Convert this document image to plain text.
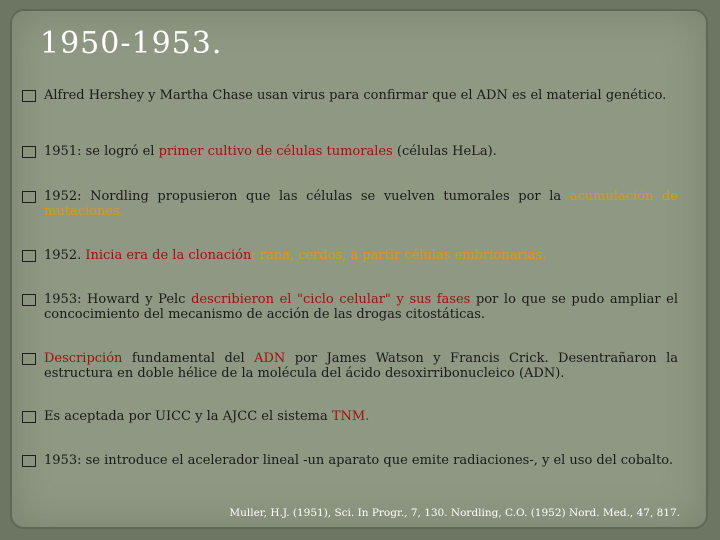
1950-1953.
Alfred Hershey y Martha Chase usan virus para confirmar que el ADN es el material genético.
1951: se logró el primer cultivo de células tumorales (células HeLa).
1952: Nordling propusieron que las células se vuelven tumorales por la acumulación de mutaciones.
1952. Inicia era de la clonación: rana, cerdos, a partir células embrionarias.
1953: Howard y Pelc describieron el "ciclo celular" y sus fases por lo que se pudo ampliar el concocimiento del mecanismo de acción de las drogas citostáticas.
Descripción fundamental del ADN por James Watson y Francis Crick. Desentrañaron la estructura en doble hélice de la molécula del ácido desoxirribonucleico (ADN).
Es aceptada por UICC y la AJCC el sistema TNM.
1953: se introduce el acelerador lineal -un aparato que emite radiaciones-, y el uso del cobalto.
Muller, H.J. (1951), Sci. In Progr., 7, 130. Nordling, C.O. (1952) Nord. Med., 47, 817.
